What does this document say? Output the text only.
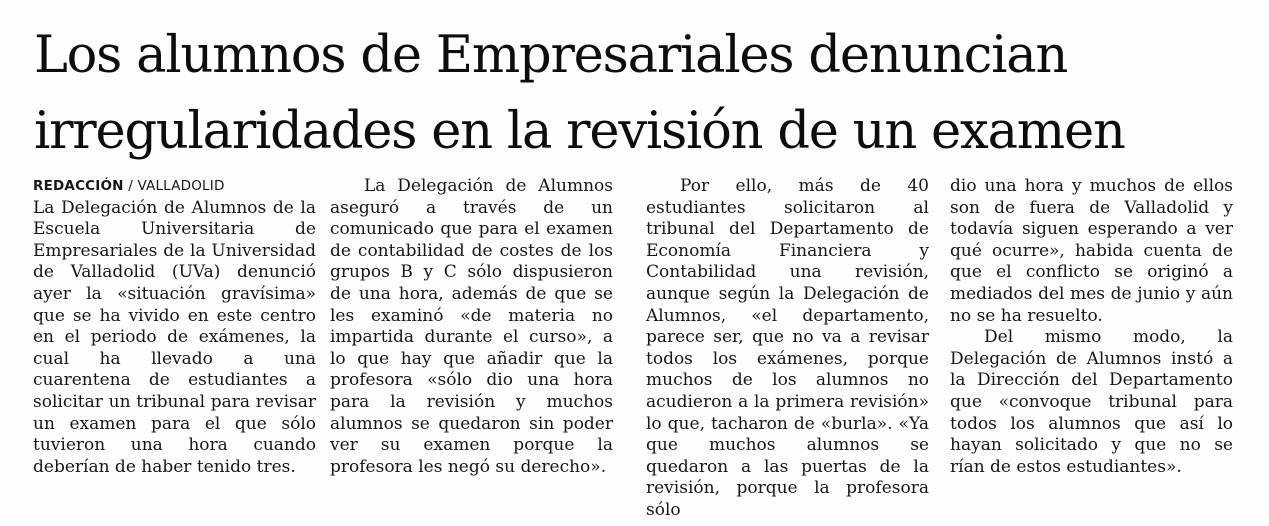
Los alumnos de Empresariales denuncian
irregularidades en la revisión de un examen
REDACCIÓN / VALLADOLID

La Delegación de Alumnos de la Escuela Universitaria de Empresariales de la Universidad de Valladolid (UVa) denunció ayer la «situación gravísima» que se ha vivido en este centro en el periodo de exámenes, la cual ha llevado a una cuarentena de estudiantes a solicitar un tribunal para revisar un examen para el que sólo tuvieron una hora cuando deberían de haber tenido tres.

La Delegación de Alumnos aseguró a través de un comunicado que para el examen de contabilidad de costes de los grupos B y C sólo dispusieron de una hora, además de que se les examinó «de materia no impartida durante el curso», a lo que hay que añadir que la profesora «sólo dio una hora para la revisión y muchos alumnos se quedaron sin poder ver su examen porque la profesora les negó su derecho».

Por ello, más de 40 estudiantes solicitaron al tribunal del Departamento de Economía Financiera y Contabilidad una revisión, aunque según la Delegación de Alumnos, «el departamento, parece ser, que no va a revisar todos los exámenes, porque muchos de los alumnos no acudieron a la primera revisión» lo que, tacharon de «burla». «Ya que muchos alumnos se quedaron a las puertas de la revisión, porque la profesora sólo

dio una hora y muchos de ellos son de fuera de Valladolid y todavía siguen esperando a ver qué ocurre», habida cuenta de que el conflicto se originó a mediados del mes de junio y aún no se ha resuelto.

Del mismo modo, la Delegación de Alumnos instó a la Dirección del Departamento que «convoque tribunal para todos los alumnos que así lo hayan solicitado y que no se rían de estos estudiantes».
